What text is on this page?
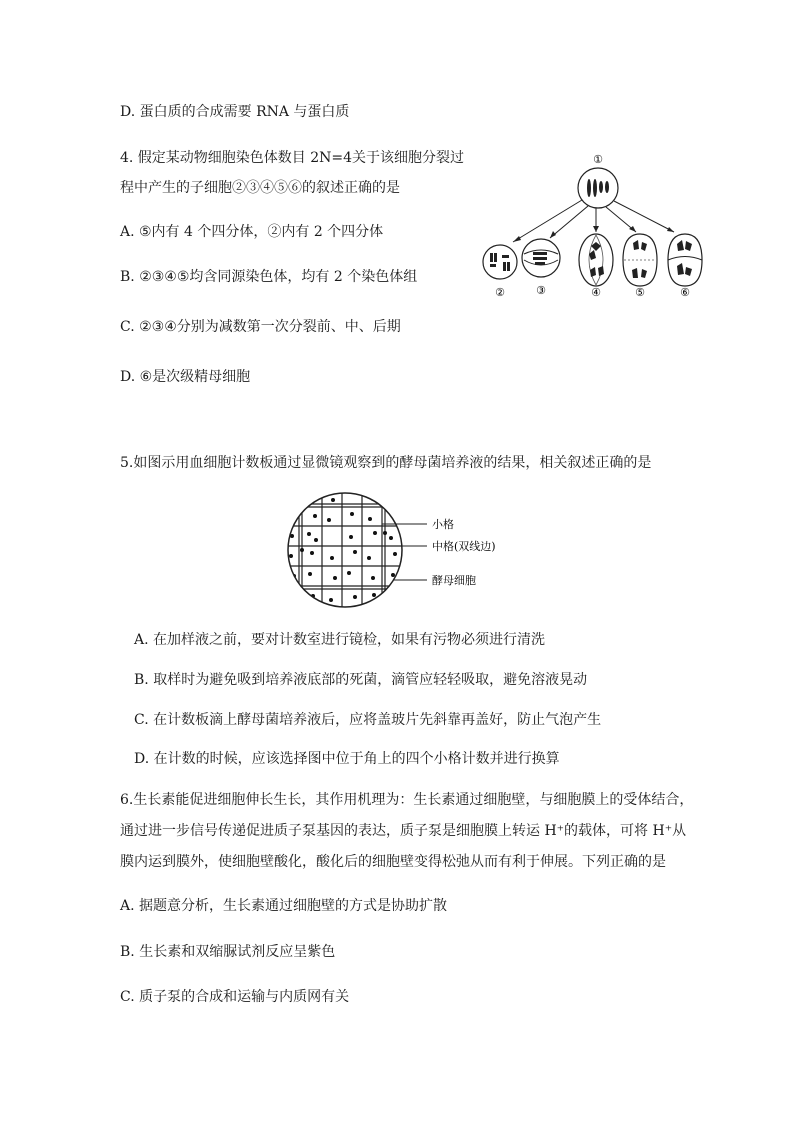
D. 蛋白质的合成需要 RNA 与蛋白质
4. 假定某动物细胞染色体数目 2N=4关于该细胞分裂过
程中产生的子细胞②③④⑤⑥的叙述正确的是
A. ⑤内有 4 个四分体，②内有 2 个四分体
B. ②③④⑤均含同源染色体，均有 2 个染色体组
C. ②③④分别为减数第一次分裂前、中、后期
D. ⑥是次级精母细胞
①
②	③	④	⑤	⑥
5.如图示用血细胞计数板通过显微镜观察到的酵母菌培养液的结果，相关叙述正确的是
小格
中格(双线边)
酵母细胞
A. 在加样液之前，要对计数室进行镜检，如果有污物必须进行清洗
B. 取样时为避免吸到培养液底部的死菌，滴管应轻轻吸取，避免溶液晃动
C. 在计数板滴上酵母菌培养液后，应将盖玻片先斜靠再盖好，防止气泡产生
D. 在计数的时候，应该选择图中位于角上的四个小格计数并进行换算
6.生长素能促进细胞伸长生长，其作用机理为：生长素通过细胞壁，与细胞膜上的受体结合，
通过进一步信号传递促进质子泵基因的表达，质子泵是细胞膜上转运 H⁺的载体，可将 H⁺从
膜内运到膜外，使细胞壁酸化，酸化后的细胞壁变得松弛从而有利于伸展。下列正确的是
A. 据题意分析，生长素通过细胞壁的方式是协助扩散
B. 生长素和双缩脲试剂反应呈紫色
C. 质子泵的合成和运输与内质网有关
